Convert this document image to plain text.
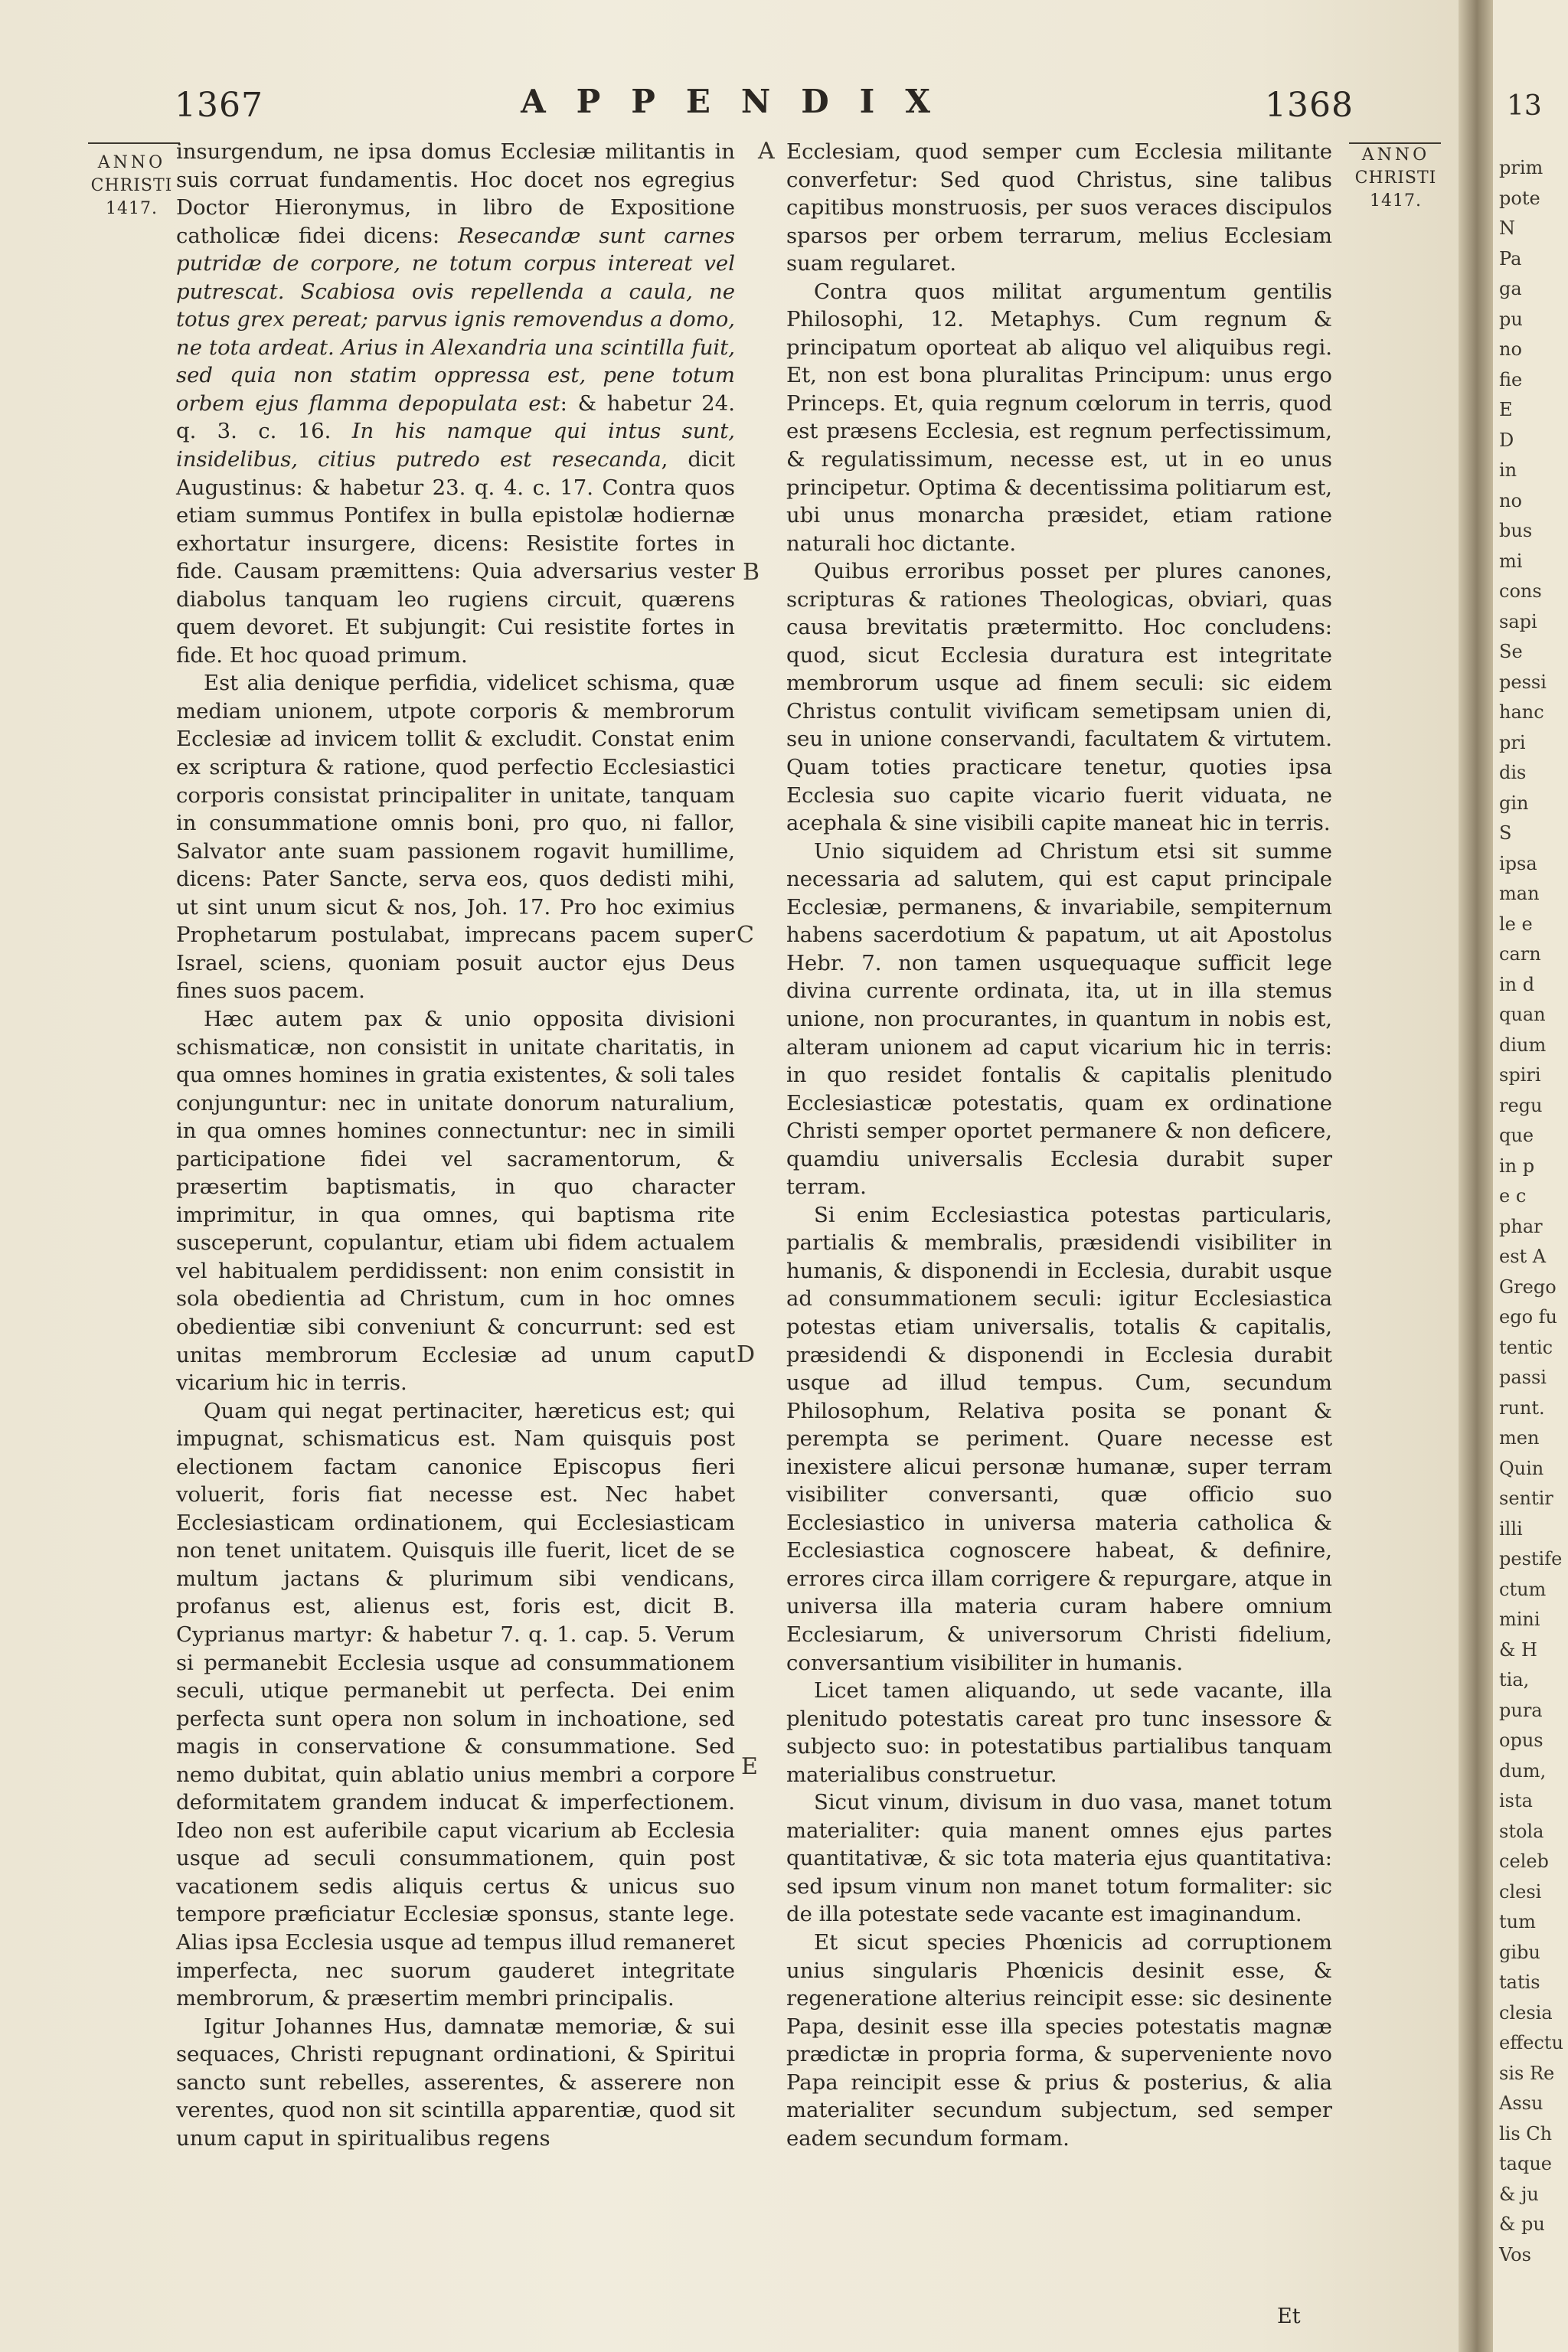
1367	APPENDIX	1368
ANNO
CHRISTI
1417.
ANNO
CHRISTI
1417.

insurgendum, ne ipsa domus Ecclesiæ militantis in suis corruat fundamentis. Hoc docet nos egregius Doctor Hieronymus, in libro de Expositione catholicæ fidei dicens: Resecandæ sunt carnes putridæ de corpore, ne totum corpus intereat vel putrescat. Scabiosa ovis repellenda a caula, ne totus grex pereat; parvus ignis removendus a domo, ne tota ardeat. Arius in Alexandria una scintilla fuit, sed quia non statim oppressa est, pene totum orbem ejus flamma depopulata est: & habetur 24. q. 3. c. 16. In his namque qui intus sunt, insidelibus, citius putredo est resecanda, dicit Augustinus: & habetur 23. q. 4. c. 17. Contra quos etiam summus Pontifex in bulla epistolæ hodiernæ exhortatur insurgere, dicens: Resistite fortes in fide. Causam præmittens: Quia adversarius vester diabolus tanquam leo rugiens circuit, quærens quem devoret. Et subjungit: Cui resistite fortes in fide. Et hoc quoad primum.

Est alia denique perfidia, videlicet schisma, quæ mediam unionem, utpote corporis & membrorum Ecclesiæ ad invicem tollit & excludit. Constat enim ex scriptura & ratione, quod perfectio Ecclesiastici corporis consistat principaliter in unitate, tanquam in consummatione omnis boni, pro quo, ni fallor, Salvator ante suam passionem rogavit humillime, dicens: Pater Sancte, serva eos, quos dedisti mihi, ut sint unum sicut & nos, Joh. 17. Pro hoc eximius Prophetarum postulabat, imprecans pacem super Israel, sciens, quoniam posuit auctor ejus Deus fines suos pacem.

Hæc autem pax & unio opposita divisioni schismaticæ, non consistit in unitate charitatis, in qua omnes homines in gratia existentes, & soli tales conjunguntur: nec in unitate donorum naturalium, in qua omnes homines connectuntur: nec in simili participatione fidei vel sacramentorum, & præsertim baptismatis, in quo character imprimitur, in qua omnes, qui baptisma rite susceperunt, copulantur, etiam ubi fidem actualem vel habitualem perdidissent: non enim consistit in sola obedientia ad Christum, cum in hoc omnes obedientiæ sibi conveniunt & concurrunt: sed est unitas membrorum Ecclesiæ ad unum caput vicarium hic in terris.

Quam qui negat pertinaciter, hæreticus est; qui impugnat, schismaticus est. Nam quisquis post electionem factam canonice Episcopus fieri voluerit, foris fiat necesse est. Nec habet Ecclesiasticam ordinationem, qui Ecclesiasticam non tenet unitatem. Quisquis ille fuerit, licet de se multum jactans & plurimum sibi vendicans, profanus est, alienus est, foris est, dicit B. Cyprianus martyr: & habetur 7. q. 1. cap. 5. Verum si permanebit Ecclesia usque ad consummationem seculi, utique permanebit ut perfecta. Dei enim perfecta sunt opera non solum in inchoatione, sed magis in conservatione & consummatione. Sed nemo dubitat, quin ablatio unius membri a corpore deformitatem grandem inducat & imperfectionem. Ideo non est auferibile caput vicarium ab Ecclesia usque ad seculi consummationem, quin post vacationem sedis aliquis certus & unicus suo tempore præficiatur Ecclesiæ sponsus, stante lege. Alias ipsa Ecclesia usque ad tempus illud remaneret imperfecta, nec suorum gauderet integritate membrorum, & præsertim membri principalis.

Igitur Johannes Hus, damnatæ memoriæ, & sui sequaces, Christi repugnant ordinationi, & Spiritui sancto sunt rebelles, asserentes, & asserere non verentes, quod non sit scintilla apparentiæ, quod sit unum caput in spiritualibus regens

Ecclesiam, quod semper cum Ecclesia militante converfetur: Sed quod Christus, sine talibus capitibus monstruosis, per suos veraces discipulos sparsos per orbem terrarum, melius Ecclesiam suam regularet.

Contra quos militat argumentum gentilis Philosophi, 12. Metaphys. Cum regnum & principatum oporteat ab aliquo vel aliquibus regi. Et, non est bona pluralitas Principum: unus ergo Princeps. Et, quia regnum cœlorum in terris, quod est præsens Ecclesia, est regnum perfectissimum, & regulatissimum, necesse est, ut in eo unus principetur. Optima & decentissima politiarum est, ubi unus monarcha præsidet, etiam ratione naturali hoc dictante.

Quibus erroribus posset per plures canones, scripturas & rationes Theologicas, obviari, quas causa brevitatis prætermitto. Hoc concludens: quod, sicut Ecclesia duratura est integritate membrorum usque ad finem seculi: sic eidem Christus contulit vivificam semetipsam unien di, seu in unione conservandi, facultatem & virtutem. Quam toties practicare tenetur, quoties ipsa Ecclesia suo capite vicario fuerit viduata, ne acephala & sine visibili capite maneat hic in terris.

Unio siquidem ad Christum etsi sit summe necessaria ad salutem, qui est caput principale Ecclesiæ, permanens, & invariabile, sempiternum habens sacerdotium & papatum, ut ait Apostolus Hebr. 7. non tamen usquequaque sufficit lege divina currente ordinata, ita, ut in illa stemus unione, non procurantes, in quantum in nobis est, alteram unionem ad caput vicarium hic in terris: in quo residet fontalis & capitalis plenitudo Ecclesiasticæ potestatis, quam ex ordinatione Christi semper oportet permanere & non deficere, quamdiu universalis Ecclesia durabit super terram.

Si enim Ecclesiastica potestas particularis, partialis & membralis, præsidendi visibiliter in humanis, & disponendi in Ecclesia, durabit usque ad consummationem seculi: igitur Ecclesiastica potestas etiam universalis, totalis & capitalis, præsidendi & disponendi in Ecclesia durabit usque ad illud tempus. Cum, secundum Philosophum, Relativa posita se ponant & perempta se periment. Quare necesse est inexistere alicui personæ humanæ, super terram visibiliter conversanti, quæ officio suo Ecclesiastico in universa materia catholica & Ecclesiastica cognoscere habeat, & definire, errores circa illam corrigere & repurgare, atque in universa illa materia curam habere omnium Ecclesiarum, & universorum Christi fidelium, conversantium visibiliter in humanis.

Licet tamen aliquando, ut sede vacante, illa plenitudo potestatis careat pro tunc insessore & subjecto suo: in potestatibus partialibus tanquam materialibus construetur.

Sicut vinum, divisum in duo vasa, manet totum materialiter: quia manent omnes ejus partes quantitativæ, & sic tota materia ejus quantitativa: sed ipsum vinum non manet totum formaliter: sic de illa potestate sede vacante est imaginandum.

Et sicut species Phœnicis ad corruptionem unius singularis Phœnicis desinit esse, & regeneratione alterius reincipit esse: sic desinente Papa, desinit esse illa species potestatis magnæ prædictæ in propria forma, & superveniente novo Papa reincipit esse & prius & posterius, & alia materialiter secundum subjectum, sed semper eadem secundum formam.

A
B
C
D
E
Et
13
prim
pote
N
Pa
ga
pu
no
fie
E
D
in
no
bus
mi
cons
sapi
Se
pessi
hanc
pri
dis
gin
S
ipsa
man
le e
carn
in d
quan
dium
spiri
regu
que
in p
e c
phar
est A
Grego
ego fu
tentic
passi
runt.
men
Quin
sentir
illi
pestife
ctum
mini
& H
tia,
pura
opus
dum,
ista
stola
celeb
clesi
tum
gibu
tatis
clesia
effectu
sis Re
Assu
lis Ch
taque
& ju
& pu
Vos
